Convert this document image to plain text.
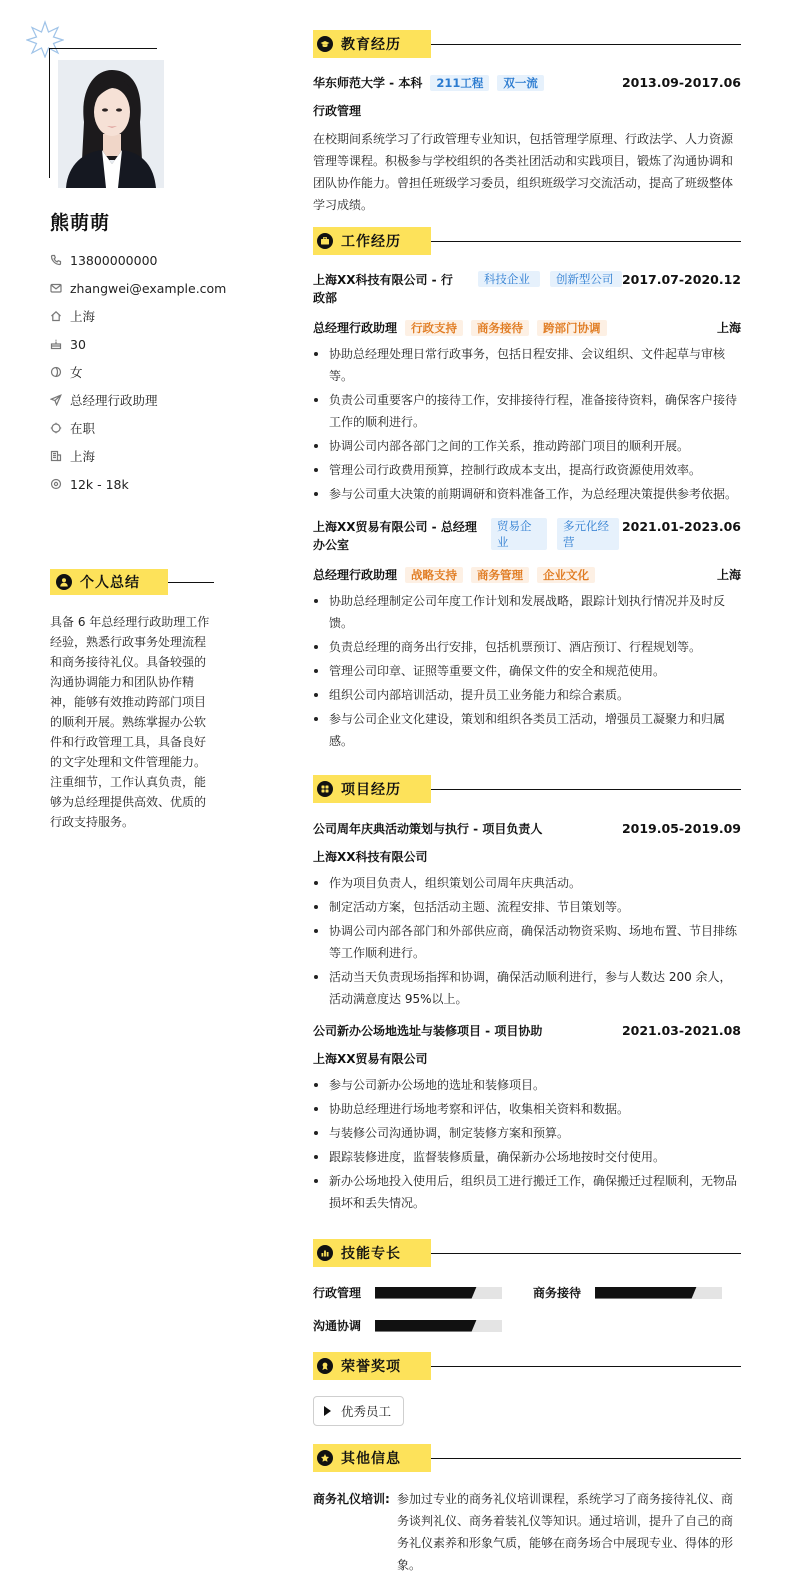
熊萌萌
13800000000
zhangwei@example.com
上海
30
女
总经理行政助理
在职
上海
12k - 18k
个人总结

具备 6 年总经理行政助理工作经验，熟悉行政事务处理流程和商务接待礼仪。具备较强的沟通协调能力和团队协作精神，能够有效推动跨部门项目的顺利开展。熟练掌握办公软件和行政管理工具，具备良好的文字处理和文件管理能力。注重细节，工作认真负责，能够为总经理提供高效、优质的行政支持服务。

教育经历
华东师范大学 - 本科 211工程 双一流	2013.09-2017.06
行政管理

在校期间系统学习了行政管理专业知识，包括管理学原理、行政法学、人力资源管理等课程。积极参与学校组织的各类社团活动和实践项目，锻炼了沟通协调和团队协作能力。曾担任班级学习委员，组织班级学习交流活动，提高了班级整体学习成绩。

工作经历
上海XX科技有限公司 - 行政部
科技企业	创新型公司 2017.07-2020.12
总经理行政助理 行政支持 商务接待 跨部门协调	上海
协助总经理处理日常行政事务，包括日程安排、会议组织、文件起草与审核等。
负责公司重要客户的接待工作，安排接待行程，准备接待资料，确保客户接待工作的顺利进行。
协调公司内部各部门之间的工作关系，推动跨部门项目的顺利开展。
管理公司行政费用预算，控制行政成本支出，提高行政资源使用效率。
参与公司重大决策的前期调研和资料准备工作，为总经理决策提供参考依据。
上海XX贸易有限公司 - 总经理办公室
贸易企业
多元化经营
2021.01-2023.06
总经理行政助理 战略支持 商务管理 企业文化	上海
协助总经理制定公司年度工作计划和发展战略，跟踪计划执行情况并及时反馈。
负责总经理的商务出行安排，包括机票预订、酒店预订、行程规划等。
管理公司印章、证照等重要文件，确保文件的安全和规范使用。
组织公司内部培训活动，提升员工业务能力和综合素质。
参与公司企业文化建设，策划和组织各类员工活动，增强员工凝聚力和归属感。
项目经历
公司周年庆典活动策划与执行 - 项目负责人	2019.05-2019.09
上海XX科技有限公司
作为项目负责人，组织策划公司周年庆典活动。
制定活动方案，包括活动主题、流程安排、节目策划等。
协调公司内部各部门和外部供应商，确保活动物资采购、场地布置、节目排练等工作顺利进行。
活动当天负责现场指挥和协调，确保活动顺利进行，参与人数达 200 余人，活动满意度达 95%以上。
公司新办公场地选址与装修项目 - 项目协助	2021.03-2021.08
上海XX贸易有限公司
参与公司新办公场地的选址和装修项目。
协助总经理进行场地考察和评估，收集相关资料和数据。
与装修公司沟通协调，制定装修方案和预算。
跟踪装修进度，监督装修质量，确保新办公场地按时交付使用。
新办公场地投入使用后，组织员工进行搬迁工作，确保搬迁过程顺利，无物品损坏和丢失情况。
技能专长
行政管理	商务接待
沟通协调
荣誉奖项
优秀员工
其他信息
商务礼仪培训: 参加过专业的商务礼仪培训课程，系统学习了商务接待礼仪、商务谈判礼仪、商务着装礼仪等知识。通过培训，提升了自己的商务礼仪素养和形象气质，能够在商务场合中展现专业、得体的形象。
